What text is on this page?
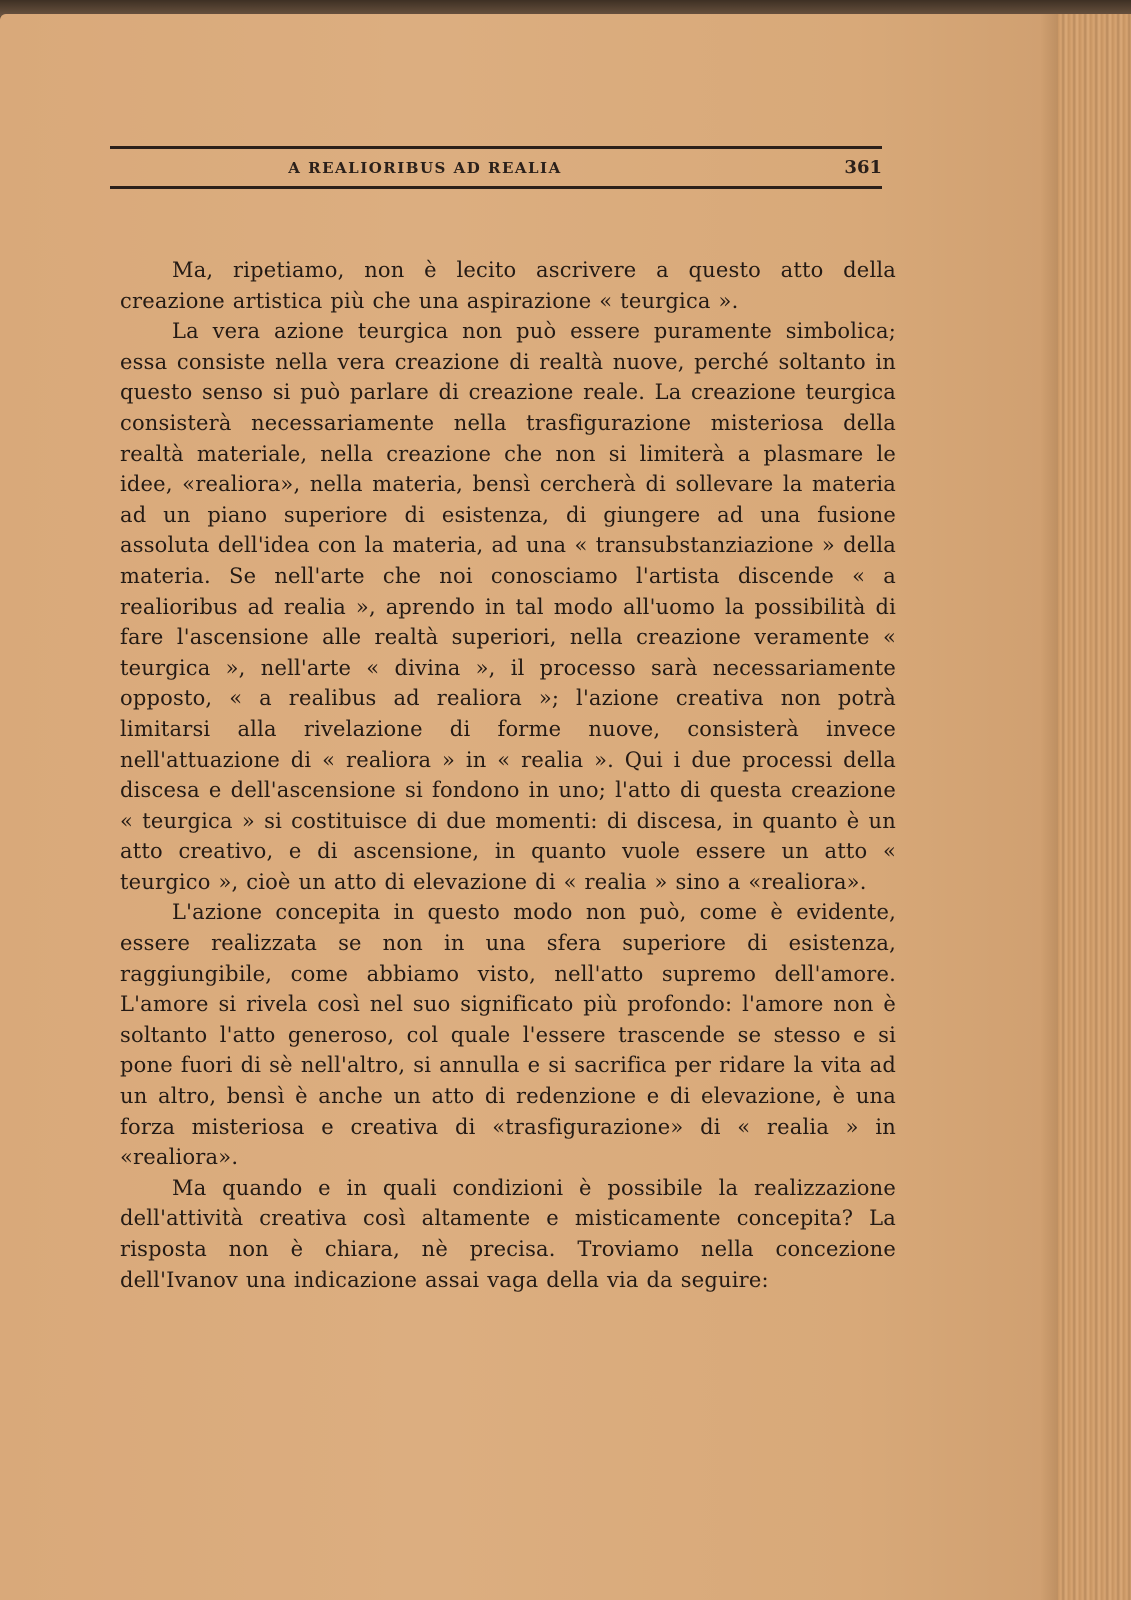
A REALIORIBUS AD REALIA	361

Ma, ripetiamo, non è lecito ascrivere a questo atto della creazione artistica più che una aspirazione « teurgica ».

La vera azione teurgica non può essere puramente simbolica; essa consiste nella vera creazione di realtà nuove, perché soltanto in questo senso si può parlare di creazione reale. La creazione teurgica consisterà necessariamente nella trasfigurazione misteriosa della realtà materiale, nella creazione che non si limiterà a plasmare le idee, «realiora», nella materia, bensì cercherà di sollevare la materia ad un piano superiore di esistenza, di giungere ad una fusione assoluta dell'idea con la materia, ad una « transubstanziazione » della materia. Se nell'arte che noi conosciamo l'artista discende « a realioribus ad realia », aprendo in tal modo all'uomo la possibilità di fare l'ascensione alle realtà superiori, nella creazione veramente « teurgica », nell'arte « divina », il processo sarà necessariamente opposto, « a realibus ad realiora »; l'azione creativa non potrà limitarsi alla rivelazione di forme nuove, consisterà invece nell'attuazione di « realiora » in « realia ». Qui i due processi della discesa e dell'ascensione si fondono in uno; l'atto di questa creazione « teurgica » si costituisce di due momenti: di discesa, in quanto è un atto creativo, e di ascensione, in quanto vuole essere un atto « teurgico », cioè un atto di elevazione di « realia » sino a «realiora».

L'azione concepita in questo modo non può, come è evidente, essere realizzata se non in una sfera superiore di esistenza, raggiungibile, come abbiamo visto, nell'atto supremo dell'amore. L'amore si rivela così nel suo significato più profondo: l'amore non è soltanto l'atto generoso, col quale l'essere trascende se stesso e si pone fuori di sè nell'altro, si annulla e si sacrifica per ridare la vita ad un altro, bensì è anche un atto di redenzione e di elevazione, è una forza misteriosa e creativa di «trasfigurazione» di « realia » in «realiora».

Ma quando e in quali condizioni è possibile la realizzazione dell'attività creativa così altamente e misticamente concepita? La risposta non è chiara, nè precisa. Troviamo nella concezione dell'Ivanov una indicazione assai vaga della via da seguire:
